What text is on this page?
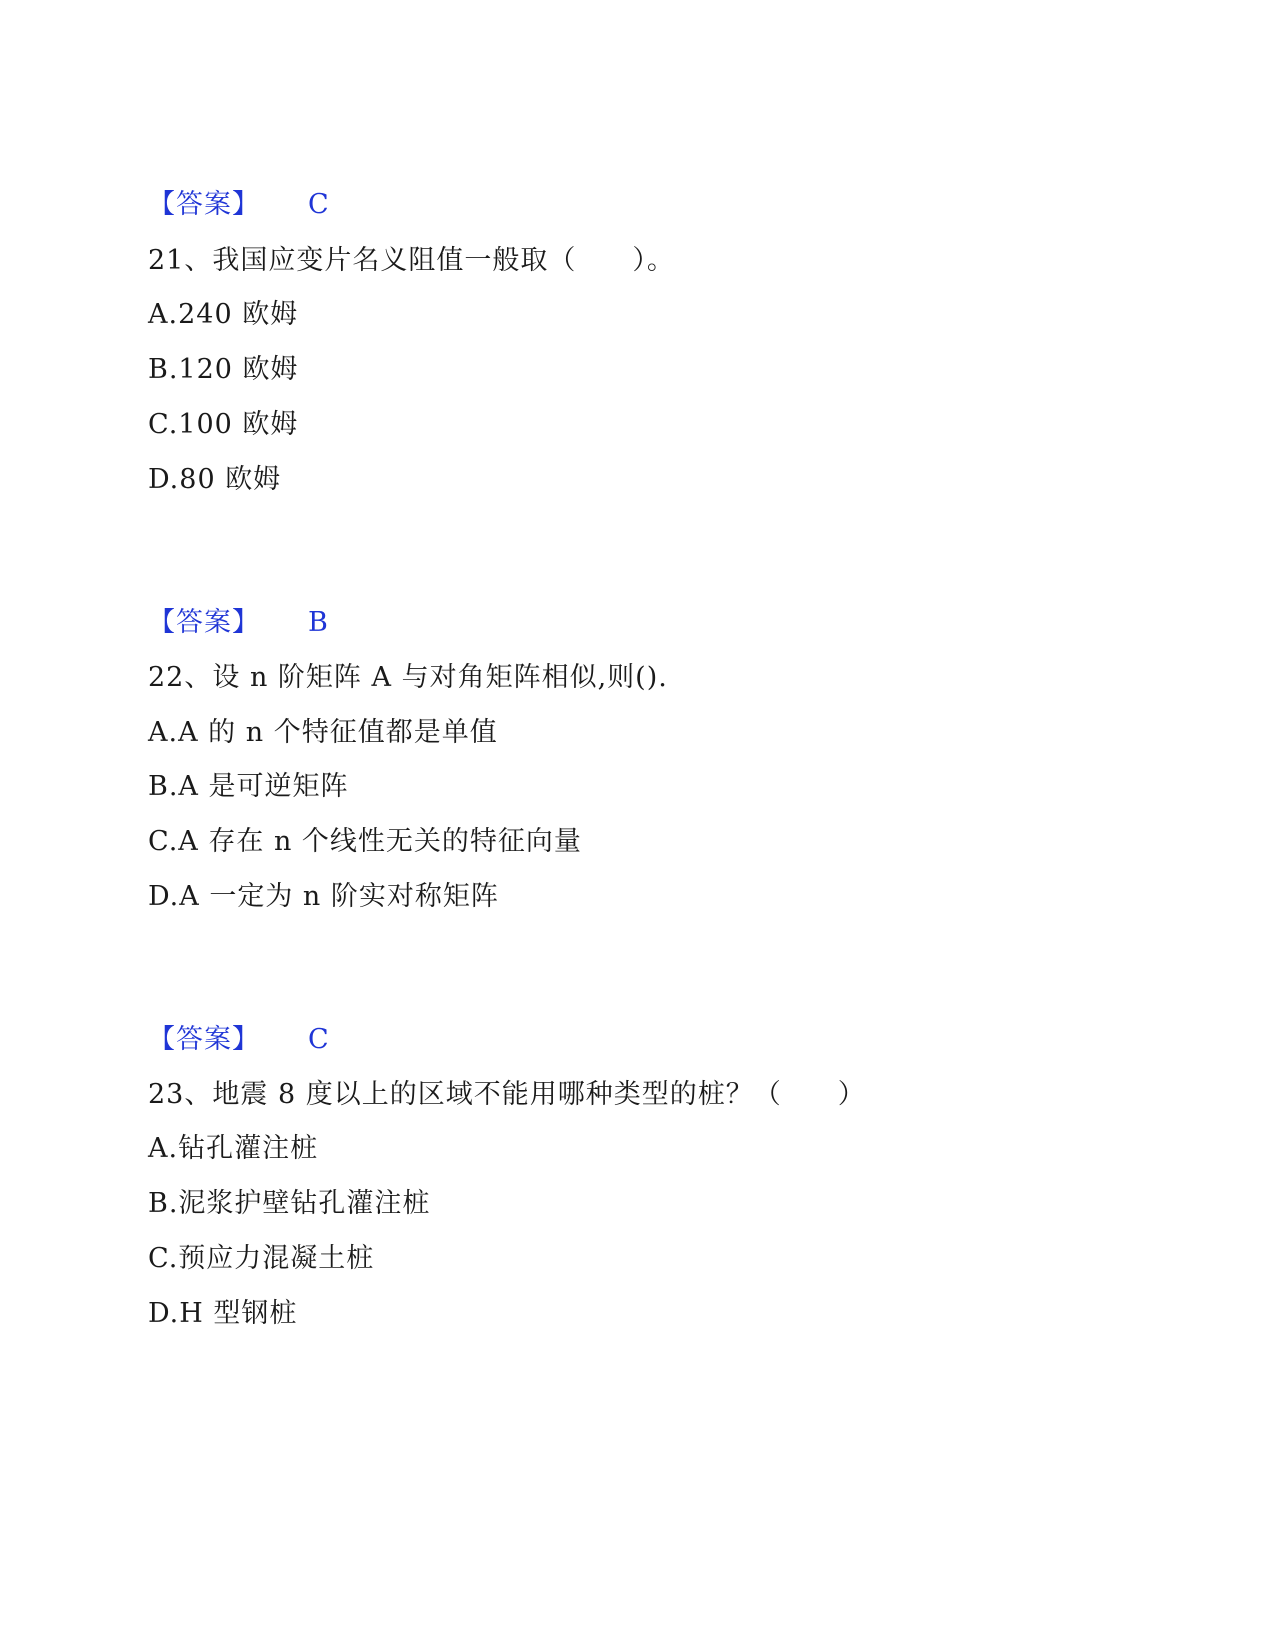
【答案】 C
21、我国应变片名义阻值一般取（　　）。
A.240 欧姆
B.120 欧姆
C.100 欧姆
D.80 欧姆
【答案】 B
22、设 n 阶矩阵 A 与对角矩阵相似,则().
A.A 的 n 个特征值都是单值
B.A 是可逆矩阵
C.A 存在 n 个线性无关的特征向量
D.A 一定为 n 阶实对称矩阵
【答案】 C
23、地震 8 度以上的区域不能用哪种类型的桩？（　　）
A.钻孔灌注桩
B.泥浆护壁钻孔灌注桩
C.预应力混凝土桩
D.H 型钢桩
